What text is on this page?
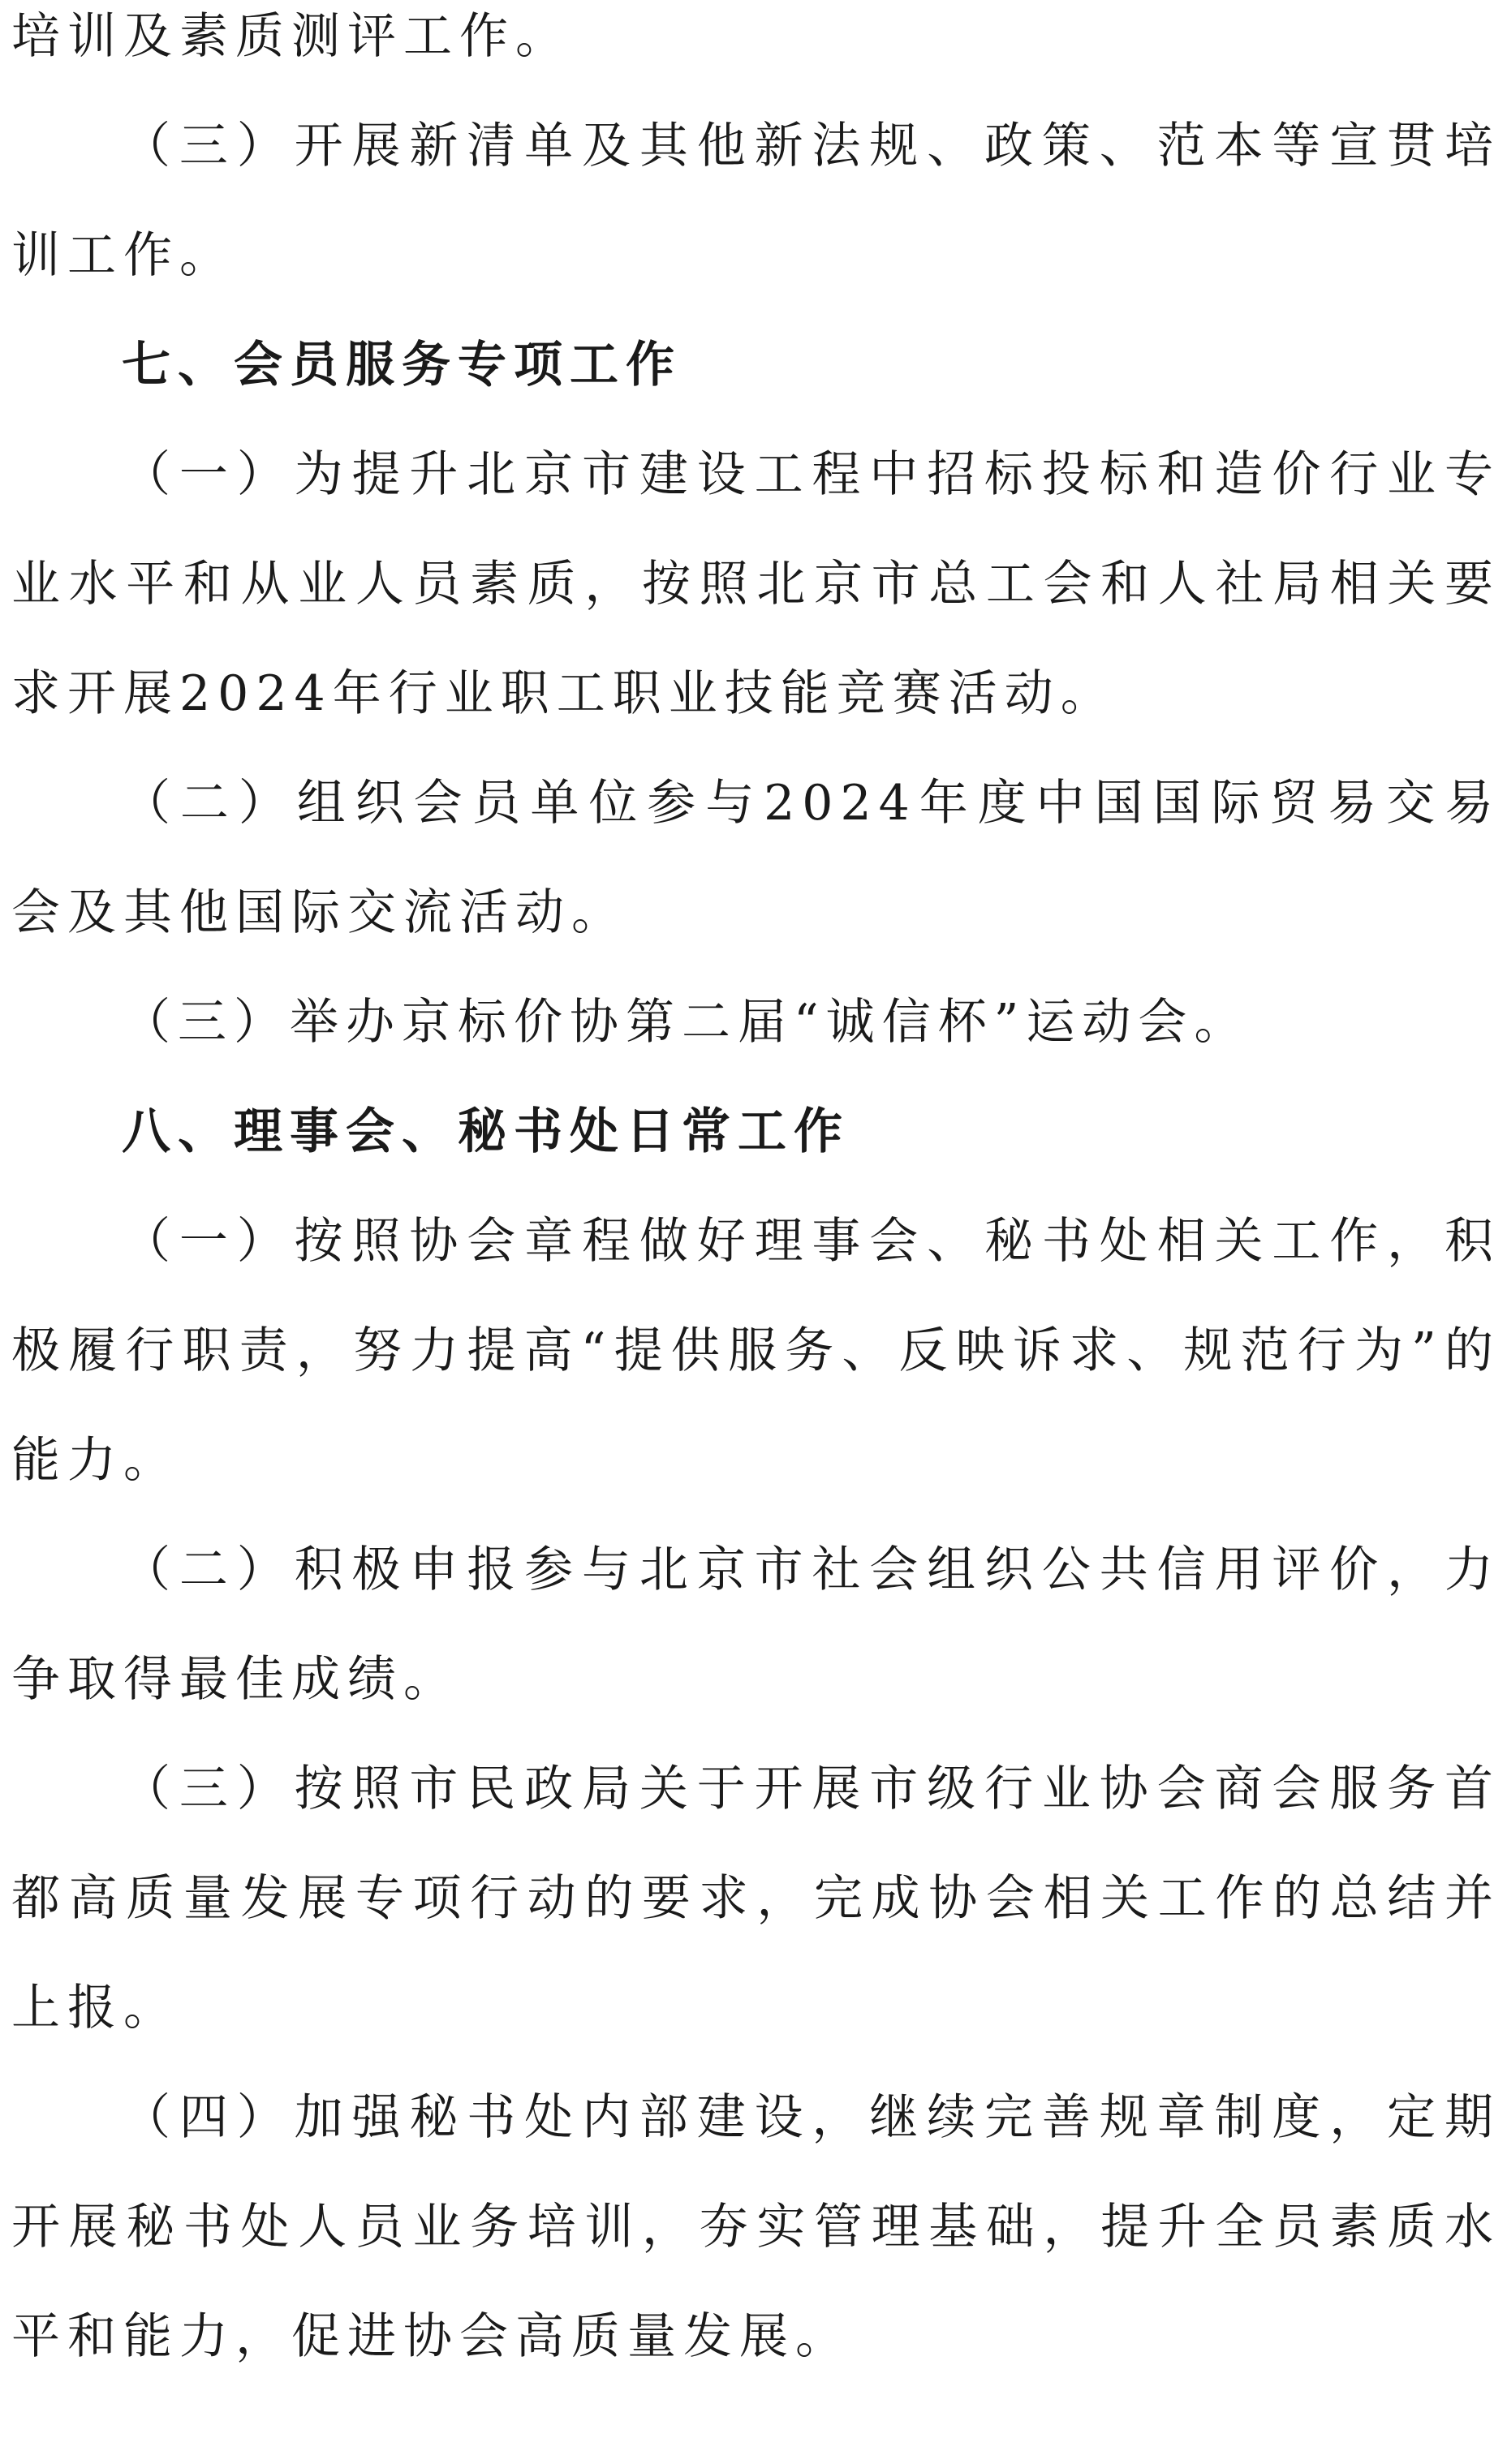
培训及素质测评工作。

（三）开展新清单及其他新法规、政策、范本等宣贯培训工作。

七、会员服务专项工作

（一）为提升北京市建设工程中招标投标和造价行业专业水平和从业人员素质，按照北京市总工会和人社局相关要求开展2024年行业职工职业技能竞赛活动。

（二）组织会员单位参与2024年度中国国际贸易交易会及其他国际交流活动。

（三）举办京标价协第二届“诚信杯”运动会。

八、理事会、秘书处日常工作

（一）按照协会章程做好理事会、秘书处相关工作，积极履行职责，努力提高“提供服务、反映诉求、规范行为”的能力。

（二）积极申报参与北京市社会组织公共信用评价，力争取得最佳成绩。

（三）按照市民政局关于开展市级行业协会商会服务首都高质量发展专项行动的要求，完成协会相关工作的总结并上报。

（四）加强秘书处内部建设，继续完善规章制度，定期开展秘书处人员业务培训，夯实管理基础，提升全员素质水平和能力，促进协会高质量发展。
